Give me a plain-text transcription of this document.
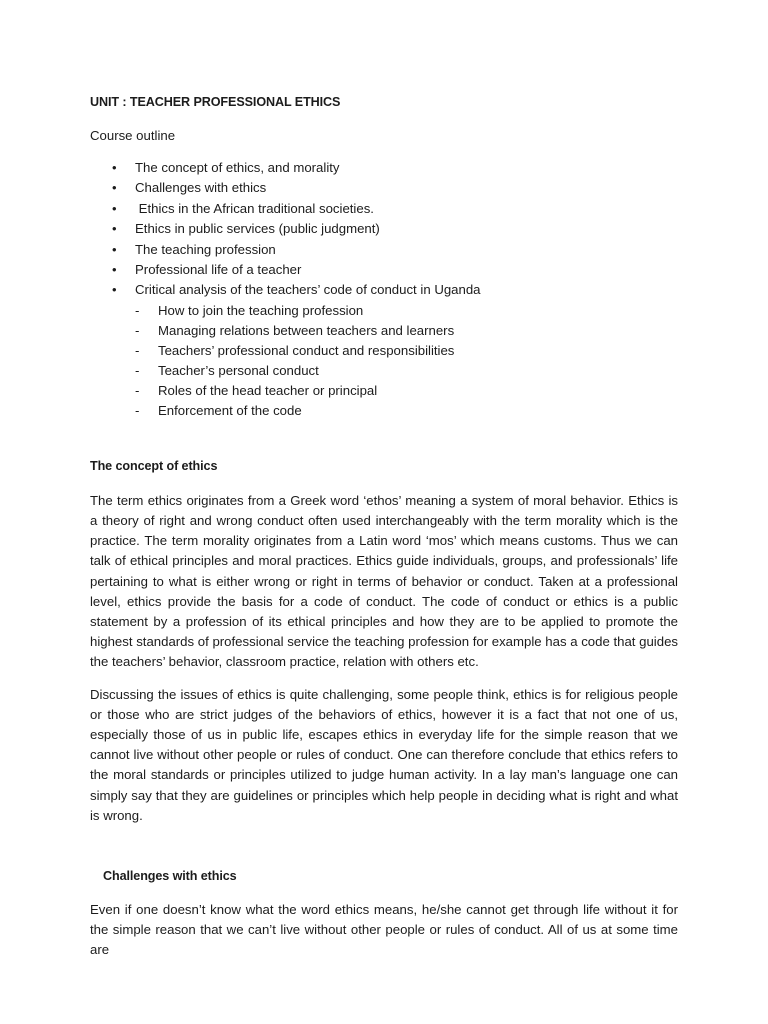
UNIT : TEACHER PROFESSIONAL ETHICS
Course outline
• The concept of ethics, and morality
• Challenges with ethics
• Ethics in the African traditional societies.
• Ethics in public services (public judgment)
• The teaching profession
• Professional life of a teacher
• Critical analysis of the teachers’ code of conduct in Uganda
- How to join the teaching profession
- Managing relations between teachers and learners
- Teachers’ professional conduct and responsibilities
- Teacher’s personal conduct
- Roles of the head teacher or principal
- Enforcement of the code
The concept of ethics

The term ethics originates from a Greek word ‘ethos’ meaning a system of moral behavior. Ethics is a theory of right and wrong conduct often used interchangeably with the term morality which is the practice. The term morality originates from a Latin word ‘mos’ which means customs. Thus we can talk of ethical principles and moral practices. Ethics guide individuals, groups, and professionals’ life pertaining to what is either wrong or right in terms of behavior or conduct. Taken at a professional level, ethics provide the basis for a code of conduct. The code of conduct or ethics is a public statement by a profession of its ethical principles and how they are to be applied to promote the highest standards of professional service the teaching profession for example has a code that guides the teachers’ behavior, classroom practice, relation with others etc.

Discussing the issues of ethics is quite challenging, some people think, ethics is for religious people or those who are strict judges of the behaviors of ethics, however it is a fact that not one of us, especially those of us in public life, escapes ethics in everyday life for the simple reason that we cannot live without other people or rules of conduct. One can therefore conclude that ethics refers to the moral standards or principles utilized to judge human activity. In a lay man’s language one can simply say that they are guidelines or principles which help people in deciding what is right and what is wrong.

Challenges with ethics

Even if one doesn’t know what the word ethics means, he/she cannot get through life without it for the simple reason that we can’t live without other people or rules of conduct. All of us at some time are
